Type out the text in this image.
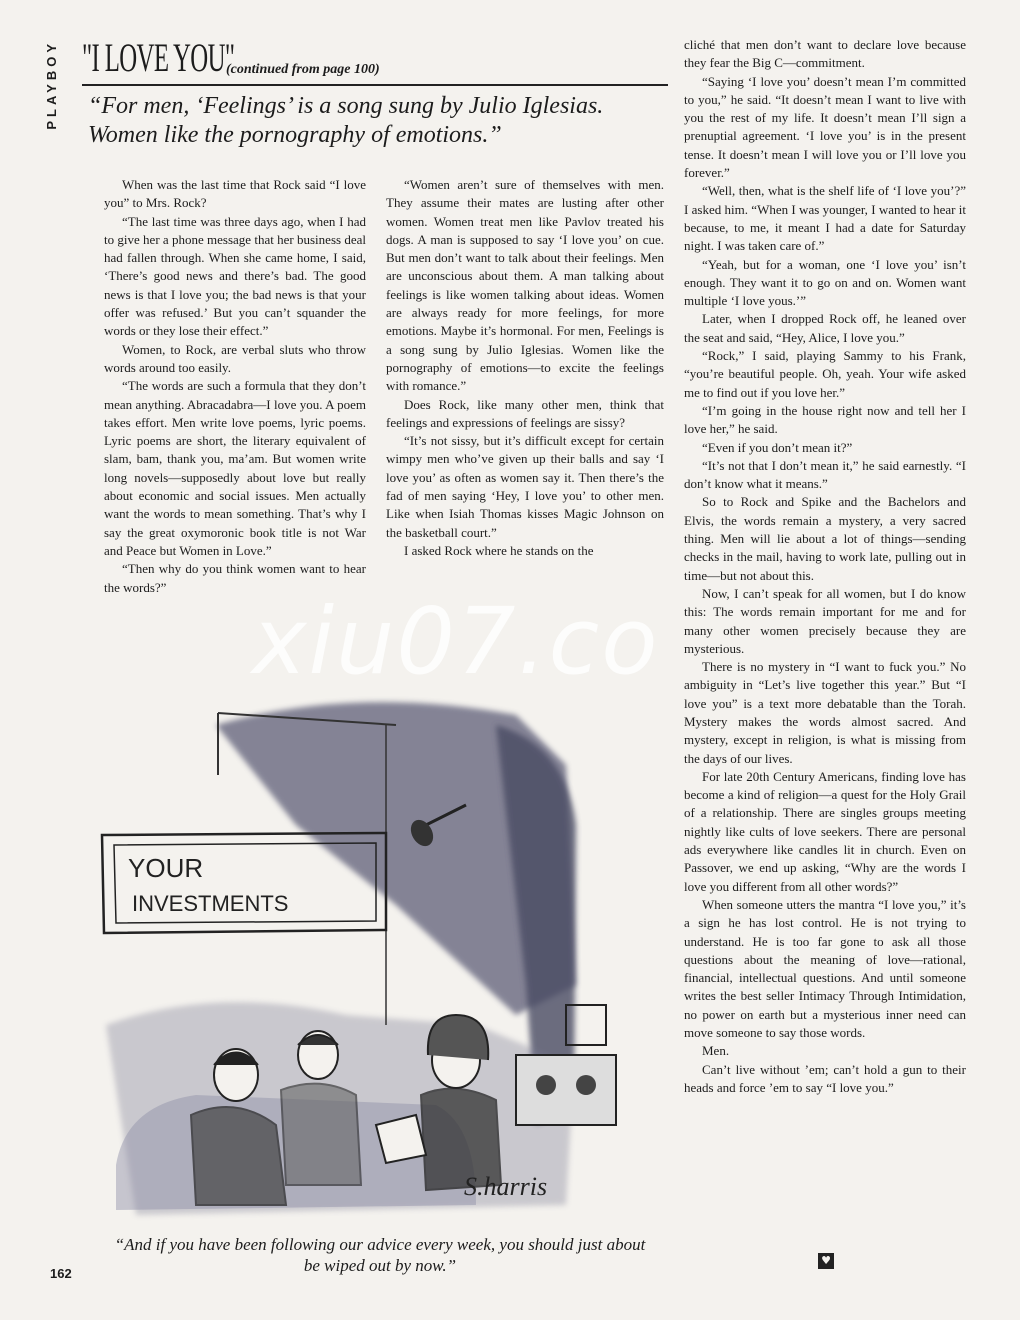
PLAYBOY "I LOVE YOU"
(continued from page 100)
“For men, ‘Feelings’ is a song sung by Julio Iglesias. Women like the pornography of emotions.”

When was the last time that Rock said “I love you” to Mrs. Rock?

“The last time was three days ago, when I had to give her a phone message that her business deal had fallen through. When she came home, I said, ‘There’s good news and there’s bad. The good news is that I love you; the bad news is that your offer was refused.’ But you can’t squander the words or they lose their effect.”

Women, to Rock, are verbal sluts who throw words around too easily.

“The words are such a formula that they don’t mean anything. Abracadabra—I love you. A poem takes effort. Men write love poems, lyric poems. Lyric poems are short, the literary equivalent of slam, bam, thank you, ma’am. But women write long novels—supposedly about love but really about economic and social issues. Men actually want the words to mean something. That’s why I say the great oxymoronic book title is not War and Peace but Women in Love.”

“Then why do you think women want to hear the words?”

“Women aren’t sure of themselves with men. They assume their mates are lusting after other women. Women treat men like Pavlov treated his dogs. A man is supposed to say ‘I love you’ on cue. But men don’t want to talk about their feelings. Men are unconscious about them. A man talking about feelings is like women talking about ideas. Women are always ready for more feelings, for more emotions. Maybe it’s hormonal. For men, Feelings is a song sung by Julio Iglesias. Women like the pornography of emotions—to excite the feelings with romance.”

Does Rock, like many other men, think that feelings and expressions of feelings are sissy?

“It’s not sissy, but it’s difficult except for certain wimpy men who’ve given up their balls and say ‘I love you’ as often as women say it. Then there’s the fad of men saying ‘Hey, I love you’ to other men. Like when Isiah Thomas kisses Magic Johnson on the basketball court.”

I asked Rock where he stands on the

cliché that men don’t want to declare love because they fear the Big C—commitment.

“Saying ‘I love you’ doesn’t mean I’m committed to you,” he said. “It doesn’t mean I want to live with you the rest of my life. It doesn’t mean I’ll sign a prenuptial agreement. ‘I love you’ is in the present tense. It doesn’t mean I will love you or I’ll love you forever.”

“Well, then, what is the shelf life of ‘I love you’?” I asked him. “When I was younger, I wanted to hear it because, to me, it meant I had a date for Saturday night. I was taken care of.”

“Yeah, but for a woman, one ‘I love you’ isn’t enough. They want it to go on and on. Women want multiple ‘I love yous.’”

Later, when I dropped Rock off, he leaned over the seat and said, “Hey, Alice, I love you.”

“Rock,” I said, playing Sammy to his Frank, “you’re beautiful people. Oh, yeah. Your wife asked me to find out if you love her.”

“I’m going in the house right now and tell her I love her,” he said.

“Even if you don’t mean it?”

“It’s not that I don’t mean it,” he said earnestly. “I don’t know what it means.”

So to Rock and Spike and the Bachelors and Elvis, the words remain a mystery, a very sacred thing. Men will lie about a lot of things—sending checks in the mail, having to work late, pulling out in time—but not about this.

Now, I can’t speak for all women, but I do know this: The words remain important for me and for many other women precisely because they are mysterious.

There is no mystery in “I want to fuck you.” No ambiguity in “Let’s live together this year.” But “I love you” is a text more debatable than the Torah. Mystery makes the words almost sacred. And mystery, except in religion, is what is missing from the days of our lives.

For late 20th Century Americans, finding love has become a kind of religion—a quest for the Holy Grail of a relationship. There are singles groups meeting nightly like cults of love seekers. There are personal ads everywhere like candles lit in church. Even on Passover, we end up asking, “Why are the words I love you different from all other words?”

When someone utters the mantra “I love you,” it’s a sign he has lost control. He is not trying to understand. He is too far gone to ask all those questions about the meaning of love—rational, financial, intellectual questions. And until someone writes the best seller Intimacy Through Intimidation, no power on earth but a mysterious inner need can move someone to say those words.

Men.

Can’t live without ’em; can’t hold a gun to their heads and force ’em to say “I love you.”

YOUR
INVESTMENTS
S.harris
“And if you have been following our advice every week, you should just about be wiped out by now.”	♥
162
xiu07.co
